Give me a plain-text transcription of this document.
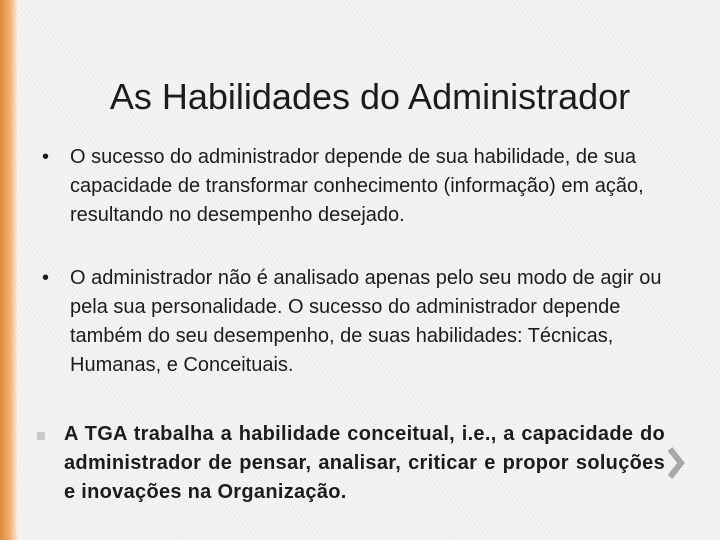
As Habilidades do Administrador
• O sucesso do administrador depende de sua habilidade, de sua capacidade de transformar conhecimento (informação) em ação, resultando no desempenho desejado.
• O administrador não é analisado apenas pelo seu modo de agir ou pela sua personalidade. O sucesso do administrador depende também do seu desempenho, de suas habilidades: Técnicas, Humanas, e Conceituais.
A TGA trabalha a habilidade conceitual, i.e., a capacidade do administrador de pensar, analisar, criticar e propor soluções e inovações na Organização.
